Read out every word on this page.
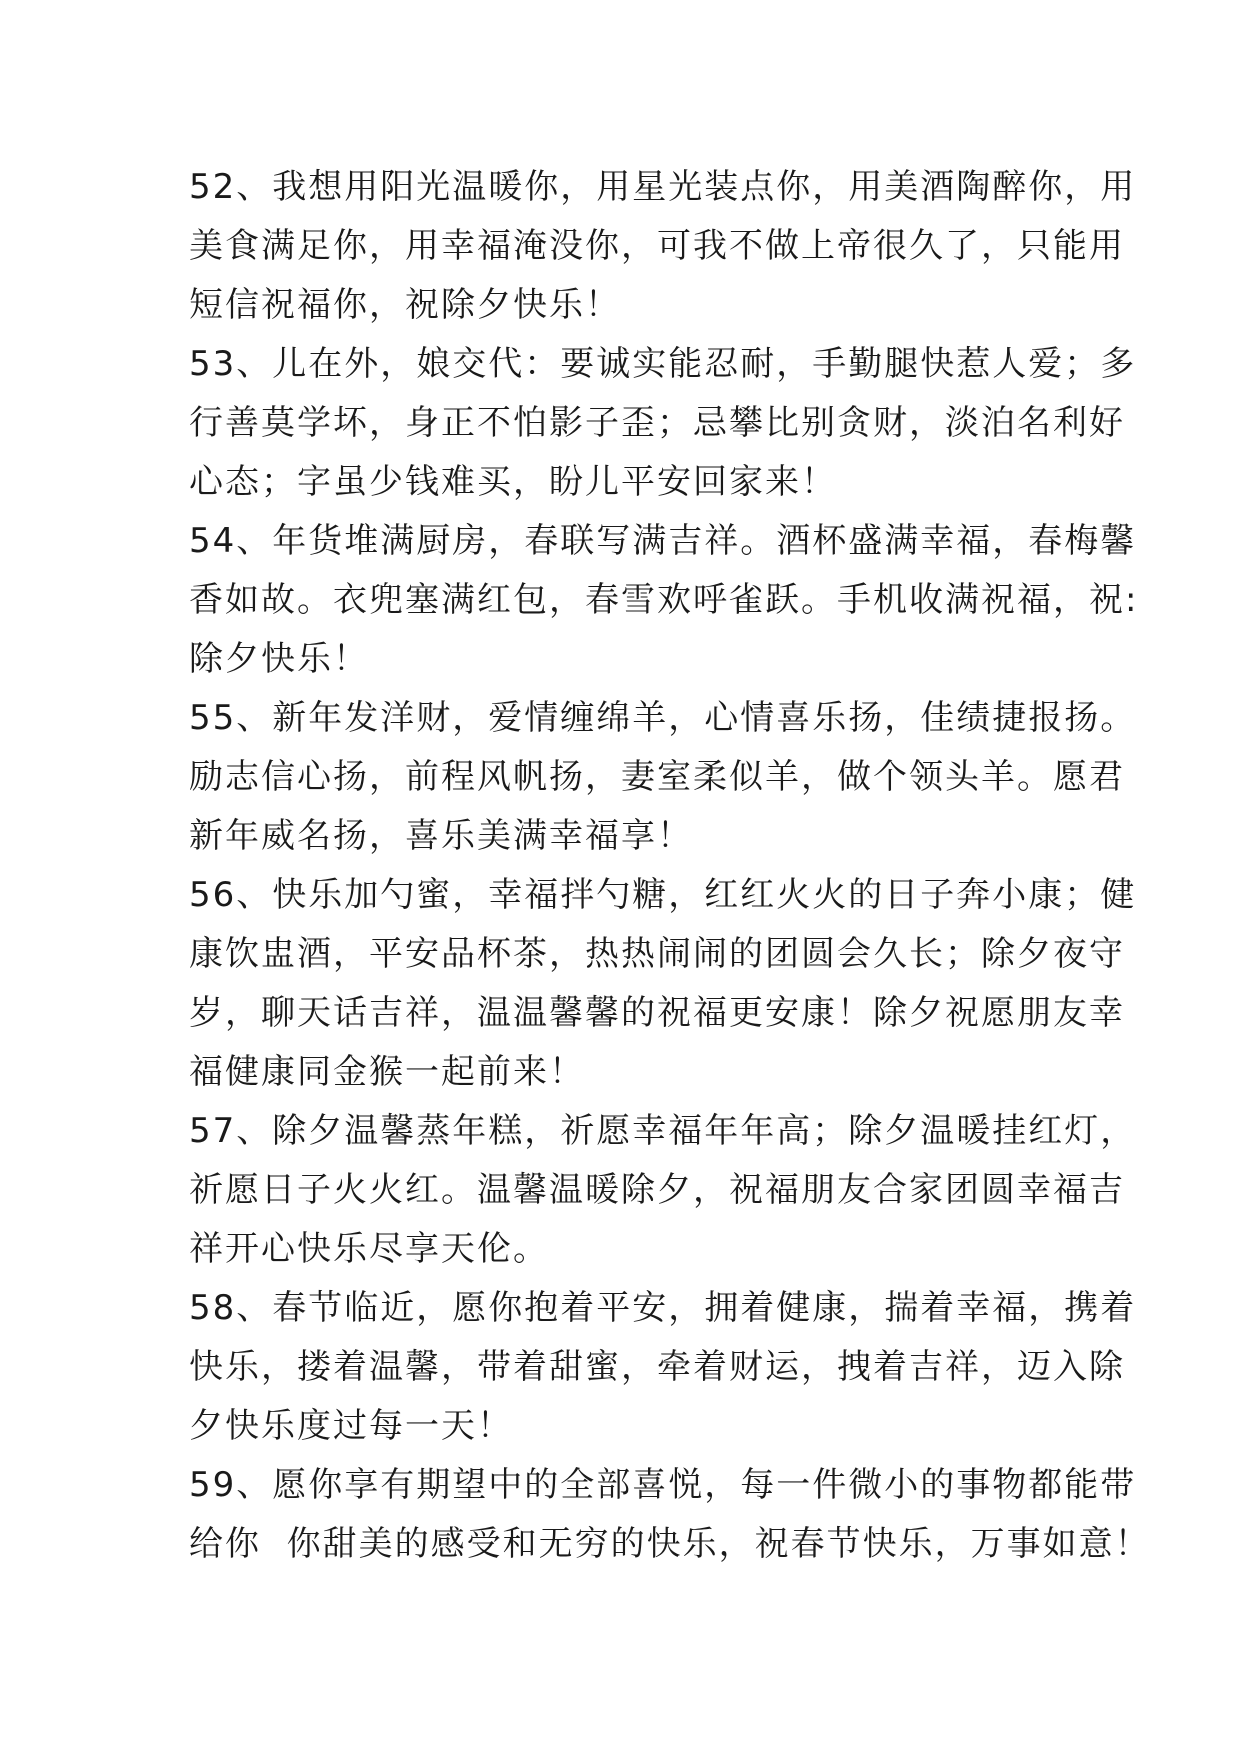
52、我想用阳光温暖你，用星光装点你，用美酒陶醉你，用
美食满足你，用幸福淹没你，可我不做上帝很久了，只能用
短信祝福你，祝除夕快乐！
53、儿在外，娘交代：要诚实能忍耐，手勤腿快惹人爱；多
行善莫学坏，身正不怕影子歪；忌攀比别贪财，淡泊名利好
心态；字虽少钱难买，盼儿平安回家来！
54、年货堆满厨房，春联写满吉祥。酒杯盛满幸福，春梅馨
香如故。衣兜塞满红包，春雪欢呼雀跃。手机收满祝福，祝:
除夕快乐！
55、新年发洋财，爱情缠绵羊，心情喜乐扬，佳绩捷报扬。
励志信心扬，前程风帆扬，妻室柔似羊，做个领头羊。愿君
新年威名扬，喜乐美满幸福享！
56、快乐加勺蜜，幸福拌勺糖，红红火火的日子奔小康；健
康饮盅酒，平安品杯茶，热热闹闹的团圆会久长；除夕夜守
岁，聊天话吉祥，温温馨馨的祝福更安康！除夕祝愿朋友幸
福健康同金猴一起前来！
57、除夕温馨蒸年糕，祈愿幸福年年高；除夕温暖挂红灯，
祈愿日子火火红。温馨温暖除夕，祝福朋友合家团圆幸福吉
祥开心快乐尽享天伦。
58、春节临近，愿你抱着平安，拥着健康，揣着幸福，携着
快乐，搂着温馨，带着甜蜜，牵着财运，拽着吉祥，迈入除
夕快乐度过每一天！
59、愿你享有期望中的全部喜悦，每一件微小的事物都能带
给你  你甜美的感受和无穷的快乐，祝春节快乐，万事如意！
